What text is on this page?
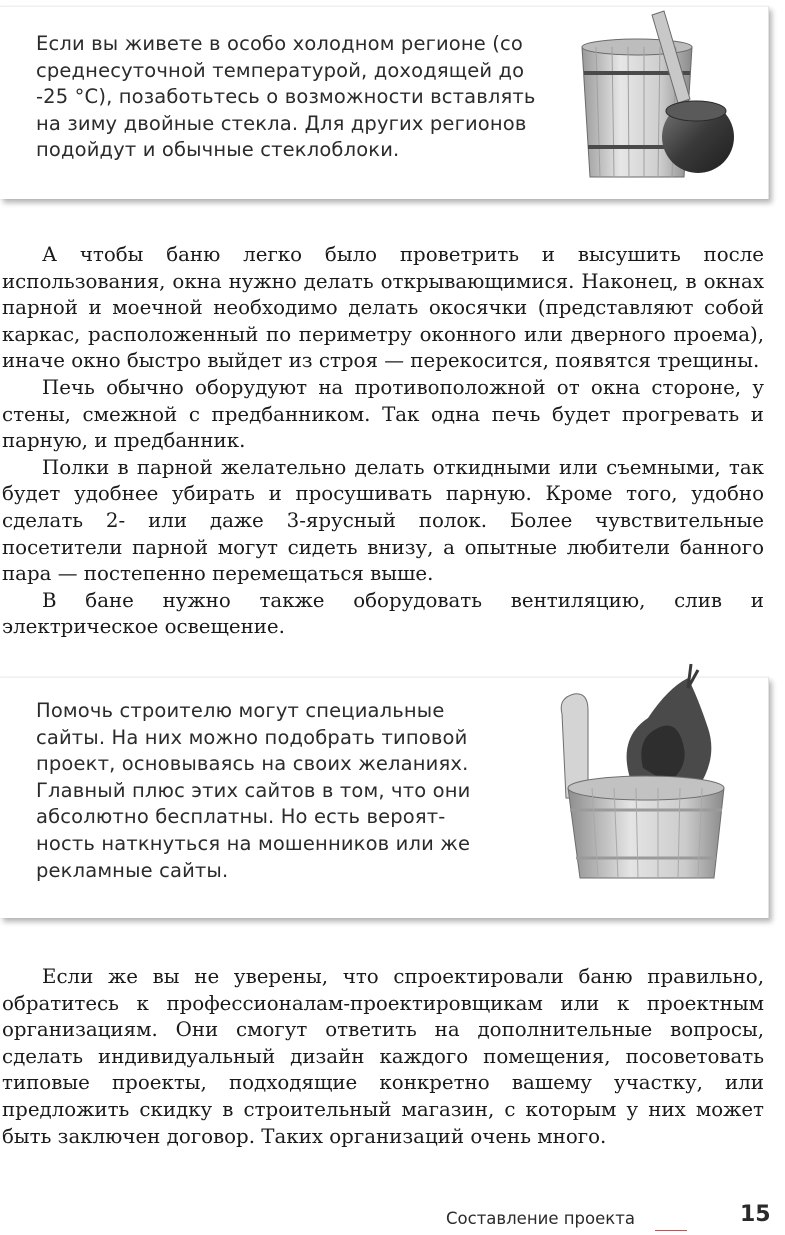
Если вы живете в особо холодном регионе (со
среднесуточной температурой, доходящей до
-25 °С), позаботьтесь о возможности вставлять
на зиму двойные стекла. Для других регионов
подойдут и обычные стеклоблоки.

А чтобы баню легко было проветрить и высушить после использования, окна нужно делать открывающимися. Наконец, в окнах парной и моечной необходимо делать окосячки (представляют собой каркас, расположенный по периметру оконного или дверного проема), иначе окно быстро выйдет из строя — перекосится, появятся трещины.

Печь обычно оборудуют на противоположной от окна стороне, у стены, смежной с предбанником. Так одна печь будет прогревать и парную, и предбанник.

Полки в парной желательно делать откидными или съемными, так будет удобнее убирать и просушивать парную. Кроме того, удобно сделать 2- или даже 3-ярусный полок. Более чувствительные посетители парной могут сидеть внизу, а опытные любители банного пара — постепенно перемещаться выше.

В бане нужно также оборудовать вентиляцию, слив и электрическое освещение.

Помочь строителю могут специальные
сайты. На них можно подобрать типовой
проект, основываясь на своих желаниях.
Главный плюс этих сайтов в том, что они
абсолютно бесплатны. Но есть вероят-
ность наткнуться на мошенников или же
рекламные сайты.

Если же вы не уверены, что спроектировали баню правильно, обратитесь к профессионалам-проектировщикам или к проектным организациям. Они смогут ответить на дополнительные вопросы, сделать индивидуальный дизайн каждого помещения, посоветовать типовые проекты, подходящие конкретно вашему участку, или предложить скидку в строительный магазин, с которым у них может быть заключен договор. Таких организаций очень много.

Составление проекта	15
